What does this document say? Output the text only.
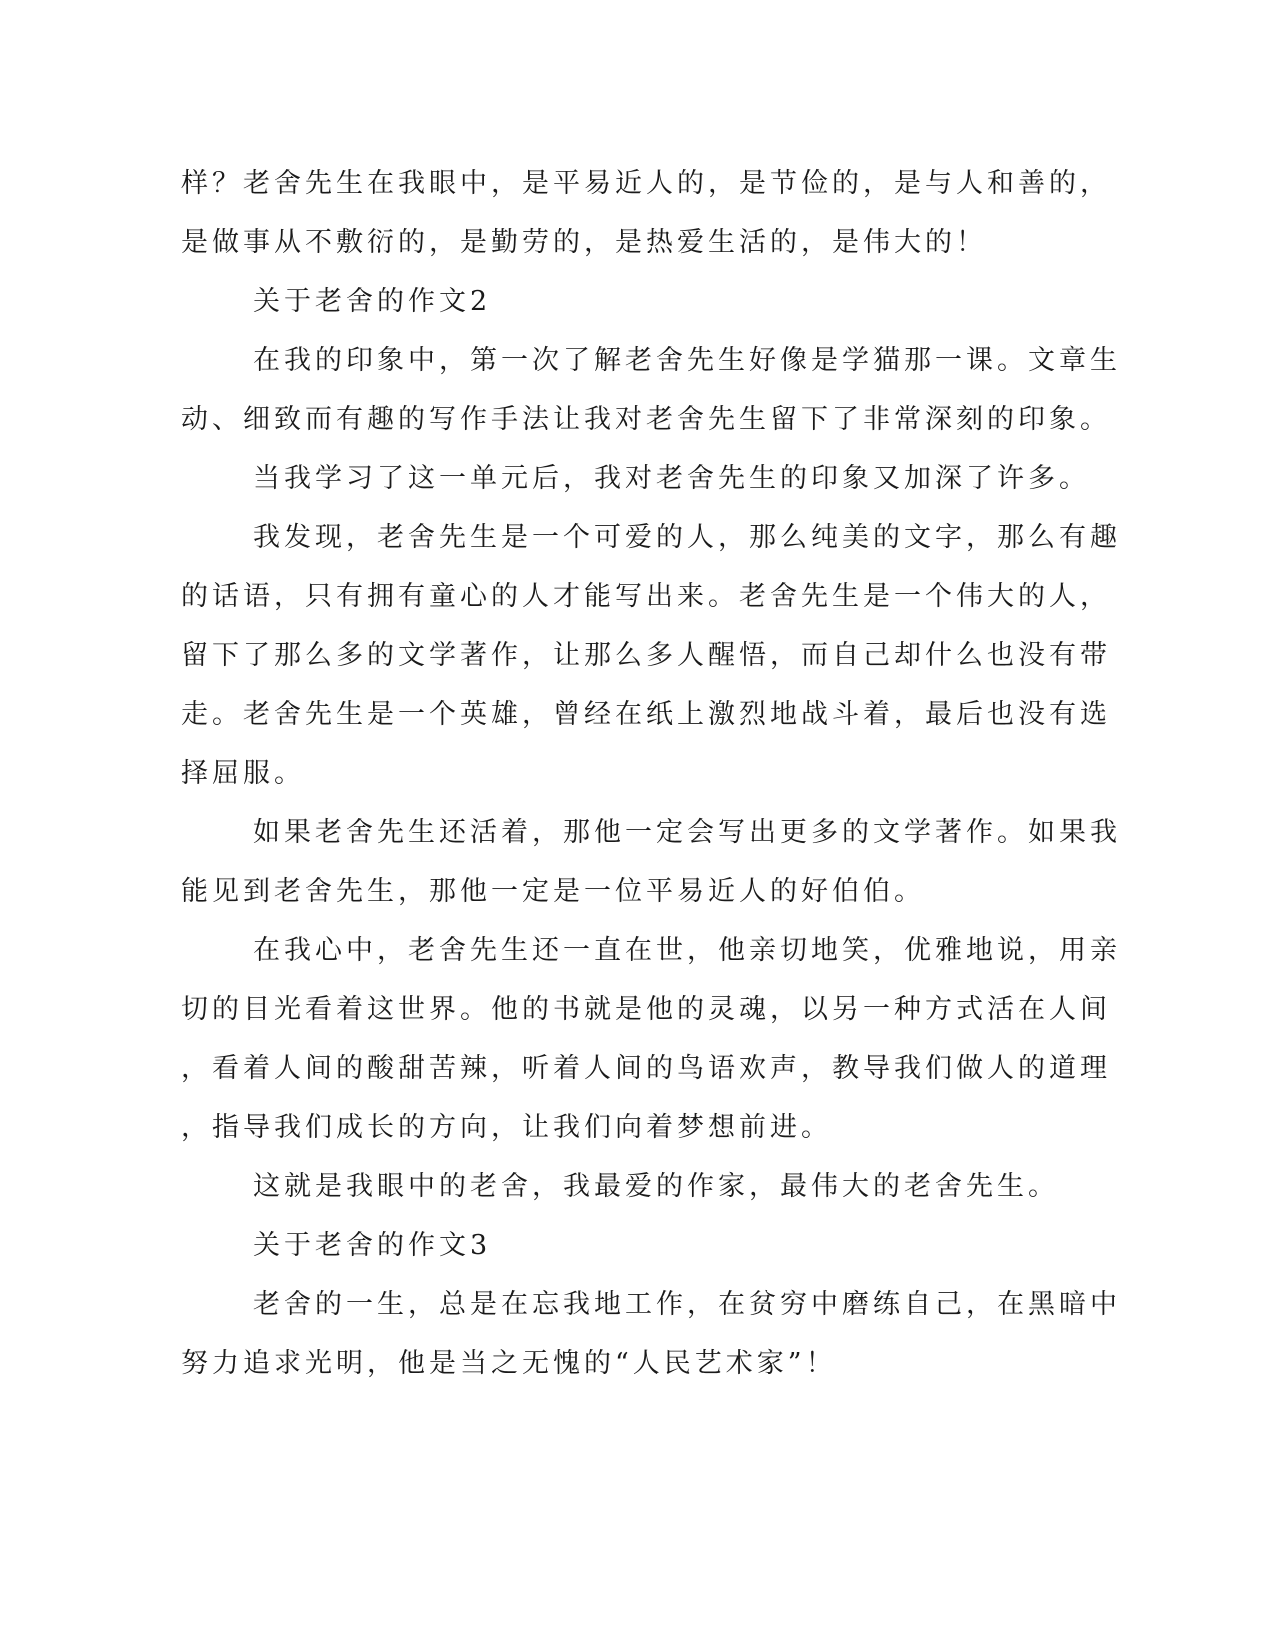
样？老舍先生在我眼中，是平易近人的，是节俭的，是与人和善的，
是做事从不敷衍的，是勤劳的，是热爱生活的，是伟大的！
关于老舍的作文2
在我的印象中，第一次了解老舍先生好像是学猫那一课。文章生
动、细致而有趣的写作手法让我对老舍先生留下了非常深刻的印象。
当我学习了这一单元后，我对老舍先生的印象又加深了许多。
我发现，老舍先生是一个可爱的人，那么纯美的文字，那么有趣
的话语，只有拥有童心的人才能写出来。老舍先生是一个伟大的人，
留下了那么多的文学著作，让那么多人醒悟，而自己却什么也没有带
走。老舍先生是一个英雄，曾经在纸上激烈地战斗着，最后也没有选
择屈服。
如果老舍先生还活着，那他一定会写出更多的文学著作。如果我
能见到老舍先生，那他一定是一位平易近人的好伯伯。
在我心中，老舍先生还一直在世，他亲切地笑，优雅地说，用亲
切的目光看着这世界。他的书就是他的灵魂，以另一种方式活在人间
，看着人间的酸甜苦辣，听着人间的鸟语欢声，教导我们做人的道理
，指导我们成长的方向，让我们向着梦想前进。
这就是我眼中的老舍，我最爱的作家，最伟大的老舍先生。
关于老舍的作文3
老舍的一生，总是在忘我地工作，在贫穷中磨练自己，在黑暗中
努力追求光明，他是当之无愧的“人民艺术家”！
